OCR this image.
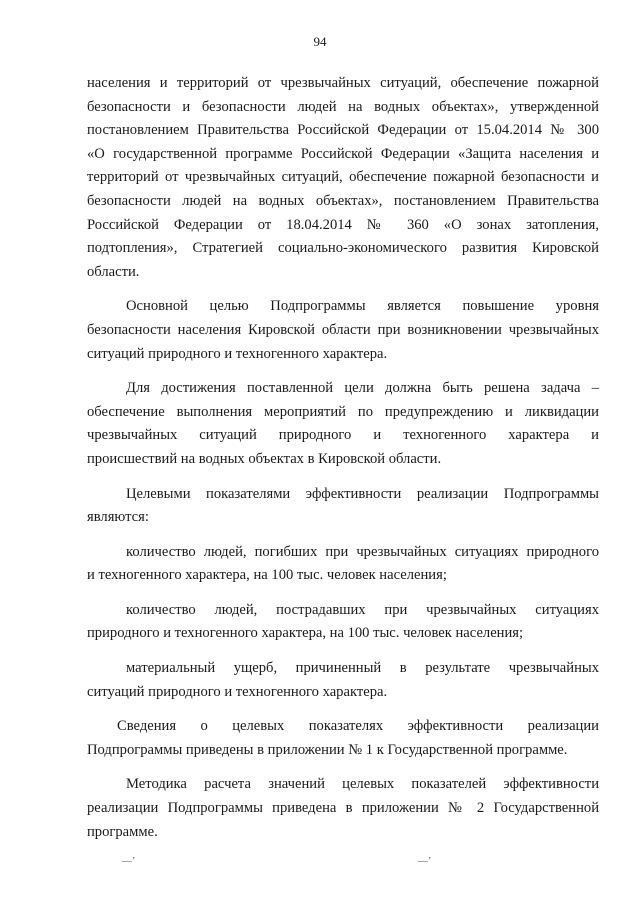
94
населения и территорий от чрезвычайных ситуаций, обеспечение пожарной
безопасности и безопасности людей на водных объектах», утвержденной
постановлением Правительства Российской Федерации от 15.04.2014 № 300
«О государственной программе Российской Федерации «Защита населения и
территорий от чрезвычайных ситуаций, обеспечение пожарной безопасности и
безопасности людей на водных объектах», постановлением Правительства
Российской Федерации от 18.04.2014 № 360 «О зонах затопления,
подтопления», Стратегией социально-экономического развития Кировской
области.
Основной целью Подпрограммы является повышение уровня
безопасности населения Кировской области при возникновении чрезвычайных
ситуаций природного и техногенного характера.
Для достижения поставленной цели должна быть решена задача –
обеспечение выполнения мероприятий по предупреждению и ликвидации
чрезвычайных ситуаций природного и техногенного характера и
происшествий на водных объектах в Кировской области.
Целевыми показателями эффективности реализации Подпрограммы
являются:
количество людей, погибших при чрезвычайных ситуациях природного
и техногенного характера, на 100 тыс. человек населения;
количество людей, пострадавших при чрезвычайных ситуациях
природного и техногенного характера, на 100 тыс. человек населения;
материальный ущерб, причиненный в результате чрезвычайных
ситуаций природного и техногенного характера.
Сведения о целевых показателях эффективности реализации
Подпрограммы приведены в приложении № 1 к Государственной программе.
Методика расчета значений целевых показателей эффективности
реализации Подпрограммы приведена в приложении № 2 Государственной
программе.
—’	—’
